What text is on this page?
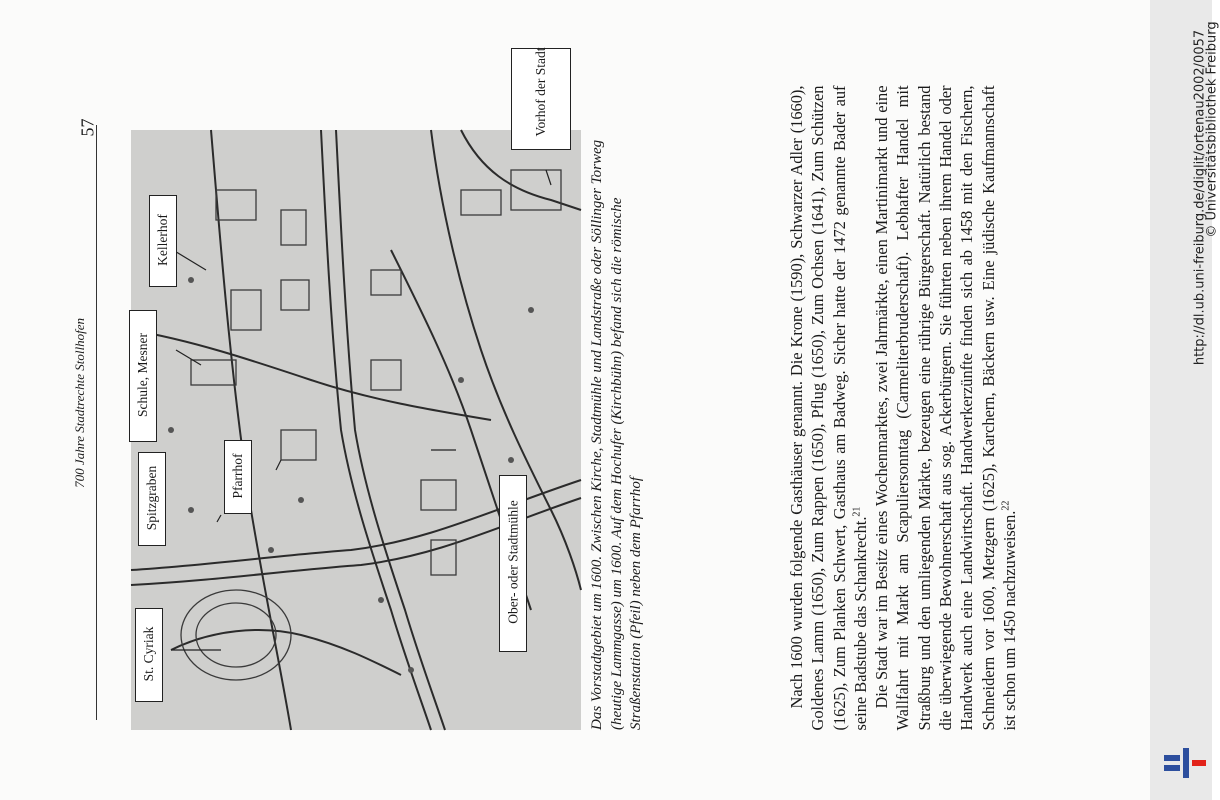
700 Jahre Stadtrechte Stollhofen
57
St. Cyriak
Spitzgraben	Pfarrhof
Schule, Mesner
Kellerhof
Ober- oder Stadtmühle
Vorhof der Stadt
Das Vorstadtgebiet um 1600. Zwischen Kirche, Stadtmühle und Landstraße oder Söllinger Torweg (heutige Lammgasse) um 1600. Auf dem Hochufer (Kirchbühn) befand sich die römische Straßenstation (Pfeil) neben dem Pfarrhof	Nach 1600 wurden folgende Gasthäuser genannt. Die Krone (1590), Schwarzer Adler (1660), Goldenes Lamm (1650), Zum Rappen (1650), Pflug (1650), Zum Ochsen (1641), Zum Schützen (1625), Zum Planken Schwert, Gasthaus am Badweg. Sicher hatte der 1472 genannte Bader auf seine Badstube das Schankrecht.$^{21}$ Die Stadt war im Besitz eines Wochenmarktes, zwei Jahrmärkte, einen Martinimarkt und eine Wallfahrt mit Markt am Scapuliersonntag (Carmeliterbruderschaft). Lebhafter Handel mit Straßburg und den umliegenden Märkte, bezeugen eine rührige Bürgerschaft. Natürlich bestand die überwiegende Bewohnerschaft aus sog. Ackerbürgern. Sie führten neben ihrem Handel oder Handwerk auch eine Landwirtschaft. Handwerkerzünfte finden sich ab 1458 mit den Fischern, Schneidern vor 1600, Metzgern (1625), Karchern, Bäckern usw. Eine jüdische Kaufmannschaft ist schon um 1450 nachzuweisen.$^{22}$

http://dl.ub.uni-freiburg.de/diglit/ortenau2002/0057
© Universitätsbibliothek Freiburg
